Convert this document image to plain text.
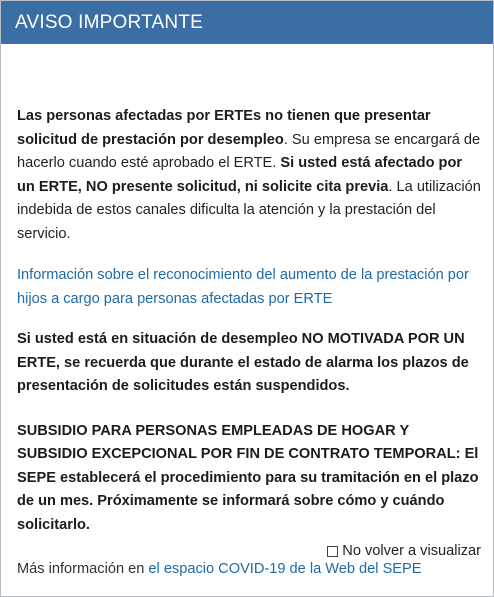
AVISO IMPORTANTE

Las personas afectadas por ERTEs no tienen que presentar solicitud de prestación por desempleo. Su empresa se encargará de hacerlo cuando esté aprobado el ERTE. Si usted está afectado por un ERTE, NO presente solicitud, ni solicite cita previa. La utilización indebida de estos canales dificulta la atención y la prestación del servicio.

Información sobre el reconocimiento del aumento de la prestación por hijos a cargo para personas afectadas por ERTE

Si usted está en situación de desempleo NO MOTIVADA POR UN ERTE, se recuerda que durante el estado de alarma los plazos de presentación de solicitudes están suspendidos.

SUBSIDIO PARA PERSONAS EMPLEADAS DE HOGAR Y SUBSIDIO EXCEPCIONAL POR FIN DE CONTRATO TEMPORAL: El SEPE establecerá el procedimiento para su tramitación en el plazo de un mes. Próximamente se informará sobre cómo y cuándo solicitarlo.

Más información en el espacio COVID-19 de la Web del SEPE

No volver a visualizar
